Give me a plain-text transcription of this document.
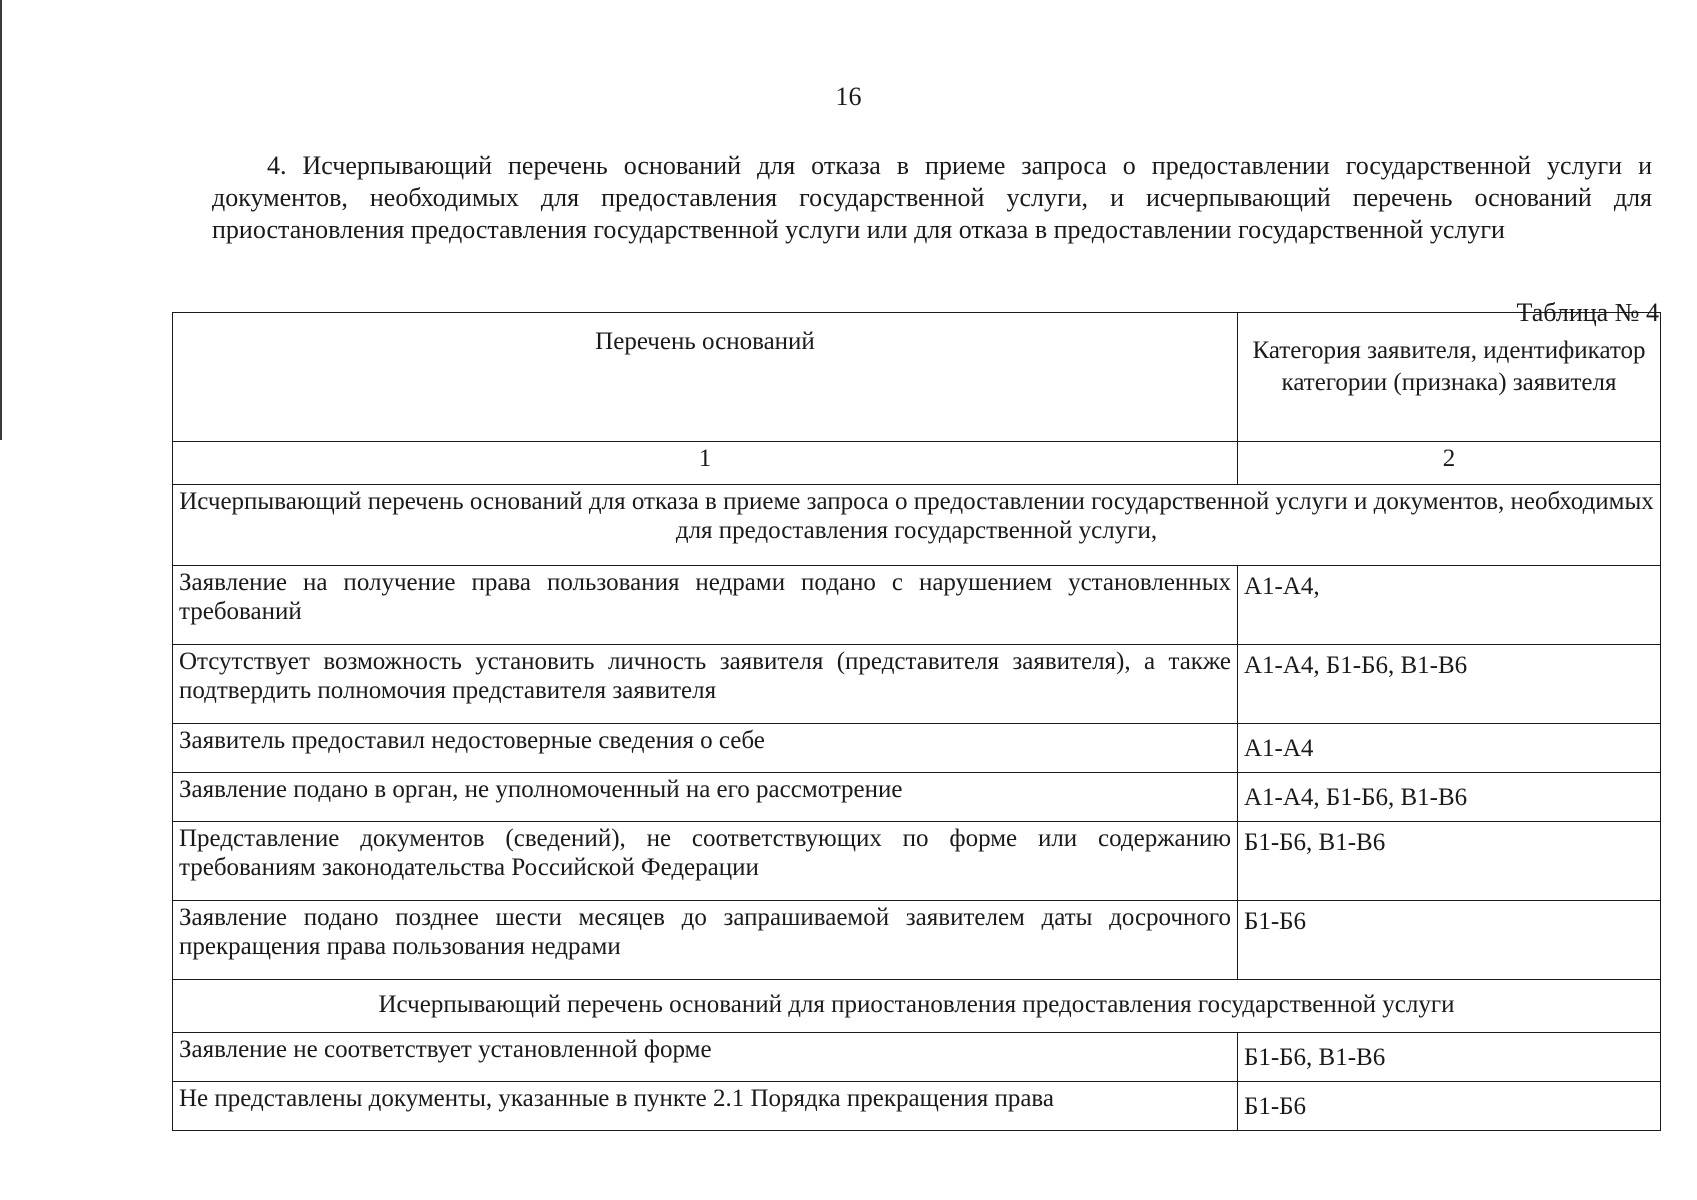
16
4. Исчерпывающий перечень оснований для отказа в приеме запроса о предоставлении государственной услуги и документов, необходимых для предоставления государственной услуги, и исчерпывающий перечень оснований для приостановления предоставления государственной услуги или для отказа в предоставлении государственной услуги
Таблица № 4
Перечень оснований	Категория заявителя, идентификатор категории (признака) заявителя
1	2
Исчерпывающий перечень оснований для отказа в приеме запроса о предоставлении государственной услуги и документов, необходимых для предоставления государственной услуги,	
Заявление на получение права пользования недрами подано с нарушением установленных требований	А1-А4,
Отсутствует возможность установить личность заявителя (представителя заявителя), а также подтвердить полномочия представителя заявителя	А1-А4, Б1-Б6, В1-В6
Заявитель предоставил недостоверные сведения о себе	А1-А4
Заявление подано в орган, не уполномоченный на его рассмотрение	А1-А4, Б1-Б6, В1-В6
Представление документов (сведений), не соответствующих по форме или содержанию требованиям законодательства Российской Федерации	Б1-Б6, В1-В6
Заявление подано позднее шести месяцев до запрашиваемой заявителем даты досрочного прекращения права пользования недрами	Б1-Б6
Исчерпывающий перечень оснований для приостановления предоставления государственной услуги	
Заявление не соответствует установленной форме	Б1-Б6, В1-В6
Не представлены документы, указанные в пункте 2.1 Порядка прекращения права	Б1-Б6
